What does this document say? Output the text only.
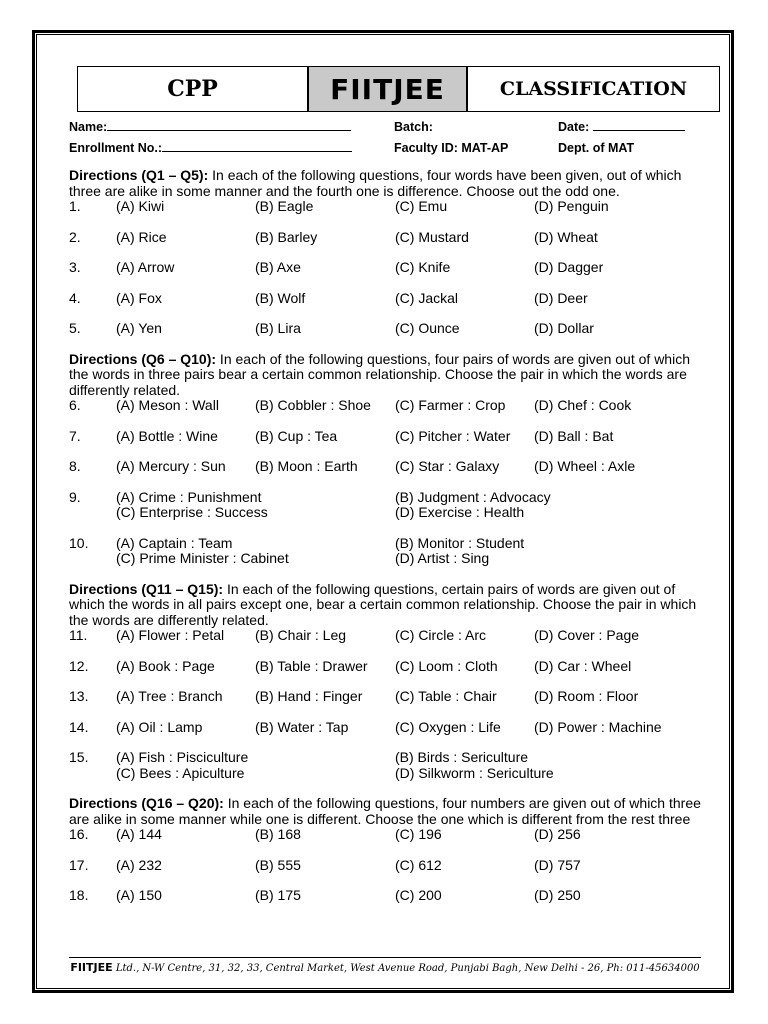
CPP	FIITJEE	CLASSIFICATION
Name:	Batch:	Date:
Enrollment No.:	Faculty ID: MAT-AP	Dept. of MAT

Directions (Q1 – Q5): In each of the following questions, four words have been given, out of which three are alike in some manner and the fourth one is difference. Choose out the odd one.

1.	(A) Kiwi	(B) Eagle	(C) Emu	(D) Penguin
2.	(A) Rice	(B) Barley	(C) Mustard	(D) Wheat
3.	(A) Arrow	(B) Axe	(C) Knife	(D) Dagger
4.	(A) Fox	(B) Wolf	(C) Jackal	(D) Deer
5.	(A) Yen	(B) Lira	(C) Ounce	(D) Dollar

Directions (Q6 – Q10): In each of the following questions, four pairs of words are given out of which the words in three pairs bear a certain common relationship. Choose the pair in which the words are differently related.

6.	(A) Meson : Wall	(B) Cobbler : Shoe (C) Farmer : Crop (D) Chef : Cook
7.	(A) Bottle : Wine	(B) Cup : Tea	(C) Pitcher : Water (D) Ball : Bat
8.	(A) Mercury : Sun (B) Moon : Earth	(C) Star : Galaxy (D) Wheel : Axle
9.	(A) Crime : Punishment	(B) Judgment : Advocacy
(C) Enterprise : Success	(D) Exercise : Health
10. (A) Captain : Team	(B) Monitor : Student
(C) Prime Minister : Cabinet	(D) Artist : Sing

Directions (Q11 – Q15): In each of the following questions, certain pairs of words are given out of which the words in all pairs except one, bear a certain common relationship. Choose the pair in which the words are differently related.

11. (A) Flower : Petal (B) Chair : Leg	(C) Circle : Arc	(D) Cover : Page
12. (A) Book : Page	(B) Table : Drawer (C) Loom : Cloth	(D) Car : Wheel
13. (A) Tree : Branch (B) Hand : Finger (C) Table : Chair	(D) Room : Floor
14. (A) Oil : Lamp	(B) Water : Tap	(C) Oxygen : Life (D) Power : Machine
15. (A) Fish : Pisciculture	(B) Birds : Sericulture
(C) Bees : Apiculture	(D) Silkworm : Sericulture

Directions (Q16 – Q20): In each of the following questions, four numbers are given out of which three are alike in some manner while one is different. Choose the one which is different from the rest three

16. (A) 144	(B) 168	(C) 196	(D) 256
17. (A) 232	(B) 555	(C) 612	(D) 757
18. (A) 150	(B) 175	(C) 200	(D) 250
FIITJEE Ltd., N-W Centre, 31, 32, 33, Central Market, West Avenue Road, Punjabi Bagh, New Delhi - 26, Ph: 011-45634000
